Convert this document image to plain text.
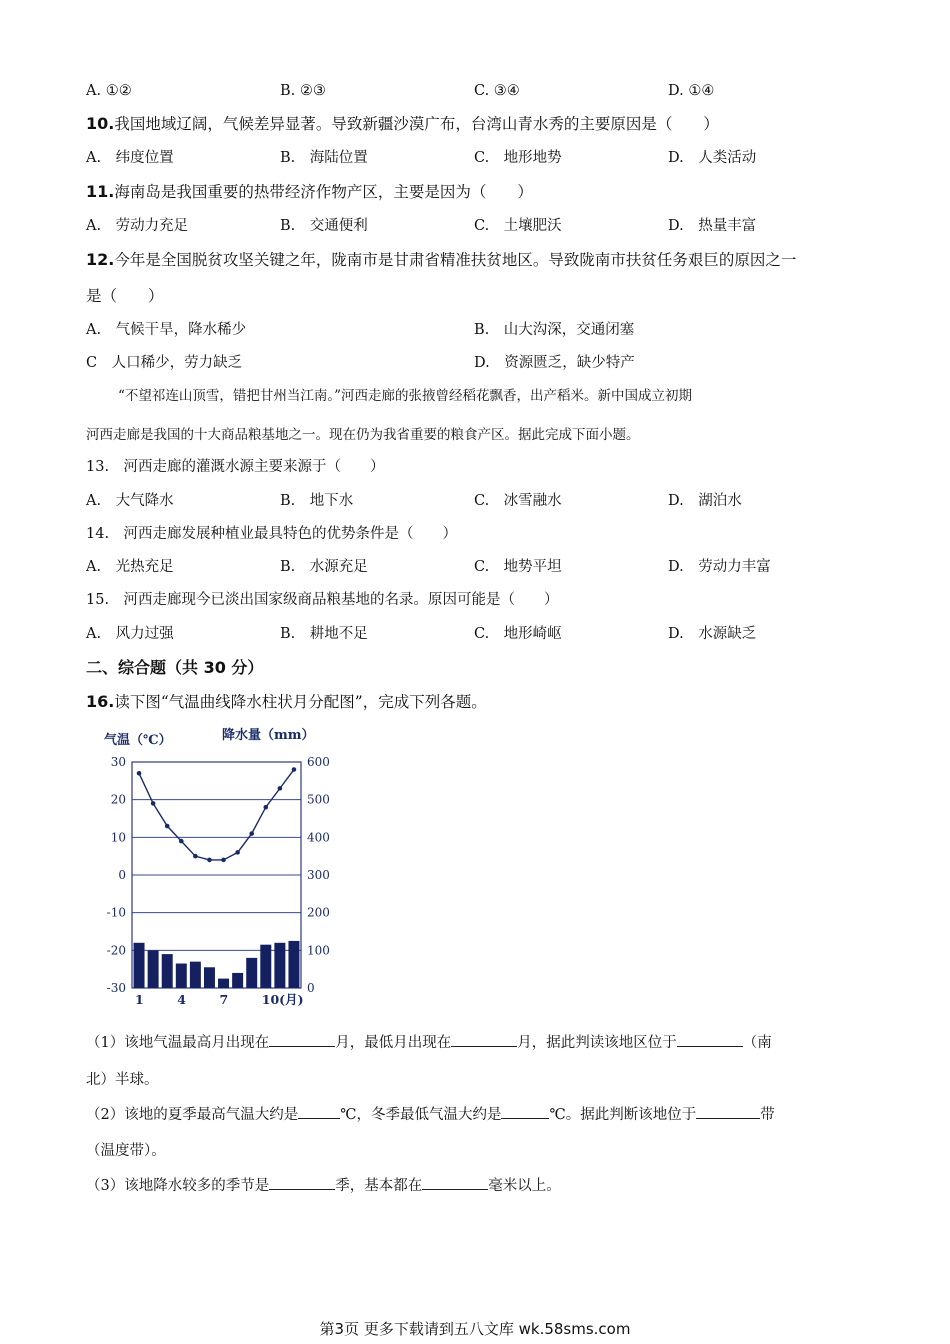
A. ①②	B. ②③	C. ③④	D. ①④
10.我国地域辽阔，气候差异显著。导致新疆沙漠广布，台湾山青水秀的主要原因是（　　）
A.　纬度位置	B.　海陆位置	C.　地形地势	D.　人类活动
11.海南岛是我国重要的热带经济作物产区，主要是因为（　　）
A.　劳动力充足	B.　交通便利	C.　土壤肥沃	D.　热量丰富
12.今年是全国脱贫攻坚关键之年，陇南市是甘肃省精准扶贫地区。导致陇南市扶贫任务艰巨的原因之一
是（　　）
A.　气候干旱，降水稀少	B.　山大沟深，交通闭塞
C　人口稀少，劳力缺乏	D.　资源匮乏，缺少特产
“不望祁连山顶雪，错把甘州当江南。”河西走廊的张掖曾经稻花飘香，出产稻米。新中国成立初期
河西走廊是我国的十大商品粮基地之一。现在仍为我省重要的粮食产区。据此完成下面小题。
13.　河西走廊的灌溉水源主要来源于（　　）
A.　大气降水	B.　地下水	C.　冰雪融水	D.　湖泊水
14.　河西走廊发展种植业最具特色的优势条件是（　　）
A.　光热充足	B.　水源充足	C.　地势平坦	D.　劳动力丰富
15.　河西走廊现今已淡出国家级商品粮基地的名录。原因可能是（　　）
A.　风力过强	B.　耕地不足	C.　地形崎岖	D.　水源缺乏
二、综合题（共 30 分）
16.读下图“气温曲线降水柱状月分配图”，完成下列各题。
气温（℃）	降水量（mm）
30
20
10
0
-10
-20
-30
600
500
400
300
200
100
0
1	4	7	10(月)
（1）该地气温最高月出现在	月，最低月出现在	月，据此判读该地区位于	（南
北）半球。
（2）该地的夏季最高气温大约是	℃，冬季最低气温大约是	℃。据此判断该地位于	带
（温度带）。
（3）该地降水较多的季节是	季，基本都在	毫米以上。
第3页 更多下载请到五八文库 wk.58sms.com
